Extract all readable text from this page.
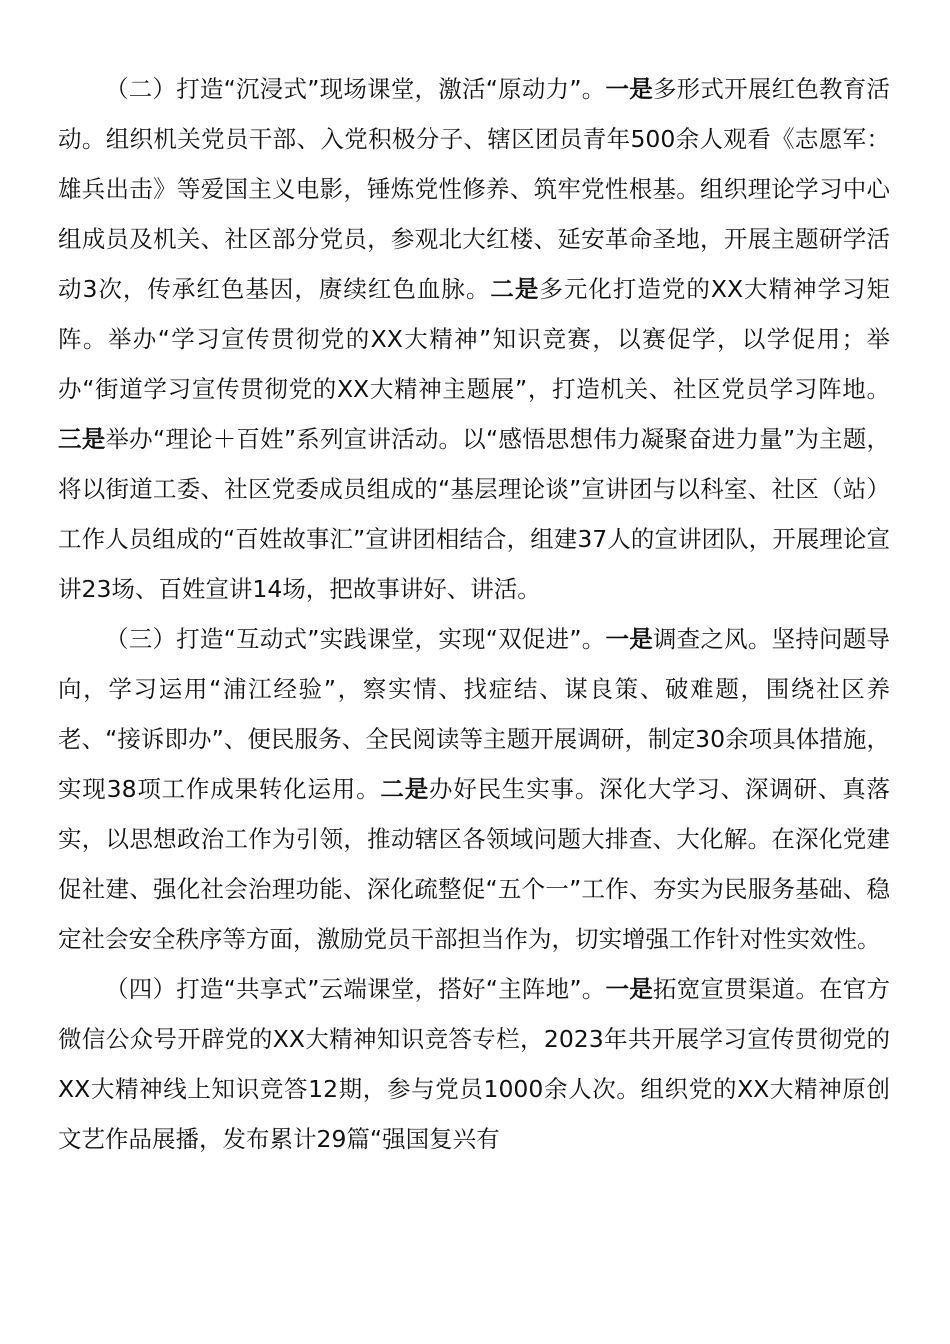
（二）打造“沉浸式”现场课堂，激活“原动力”。一是多形式开展红色教育活动。组织机关党员干部、入党积极分子、辖区团员青年500余人观看《志愿军：雄兵出击》等爱国主义电影，锤炼党性修养、筑牢党性根基。组织理论学习中心组成员及机关、社区部分党员，参观北大红楼、延安革命圣地，开展主题研学活动3次，传承红色基因，赓续红色血脉。二是多元化打造党的XX大精神学习矩阵。举办“学习宣传贯彻党的XX大精神”知识竞赛，以赛促学，以学促用；举办“街道学习宣传贯彻党的XX大精神主题展”，打造机关、社区党员学习阵地。三是举办“理论＋百姓”系列宣讲活动。以“感悟思想伟力凝聚奋进力量”为主题，将以街道工委、社区党委成员组成的“基层理论谈”宣讲团与以科室、社区（站）工作人员组成的“百姓故事汇”宣讲团相结合，组建37人的宣讲团队，开展理论宣讲23场、百姓宣讲14场，把故事讲好、讲活。

（三）打造“互动式”实践课堂，实现“双促进”。一是调查之风。坚持问题导向，学习运用“浦江经验”，察实情、找症结、谋良策、破难题，围绕社区养老、“接诉即办”、便民服务、全民阅读等主题开展调研，制定30余项具体措施，实现38项工作成果转化运用。二是办好民生实事。深化大学习、深调研、真落实，以思想政治工作为引领，推动辖区各领域问题大排查、大化解。在深化党建促社建、强化社会治理功能、深化疏整促“五个一”工作、夯实为民服务基础、稳定社会安全秩序等方面，激励党员干部担当作为，切实增强工作针对性实效性。

（四）打造“共享式”云端课堂，搭好“主阵地”。一是拓宽宣贯渠道。在官方微信公众号开辟党的XX大精神知识竞答专栏，2023年共开展学习宣传贯彻党的XX大精神线上知识竞答12期，参与党员1000余人次。组织党的XX大精神原创文艺作品展播，发布累计29篇“强国复兴有
